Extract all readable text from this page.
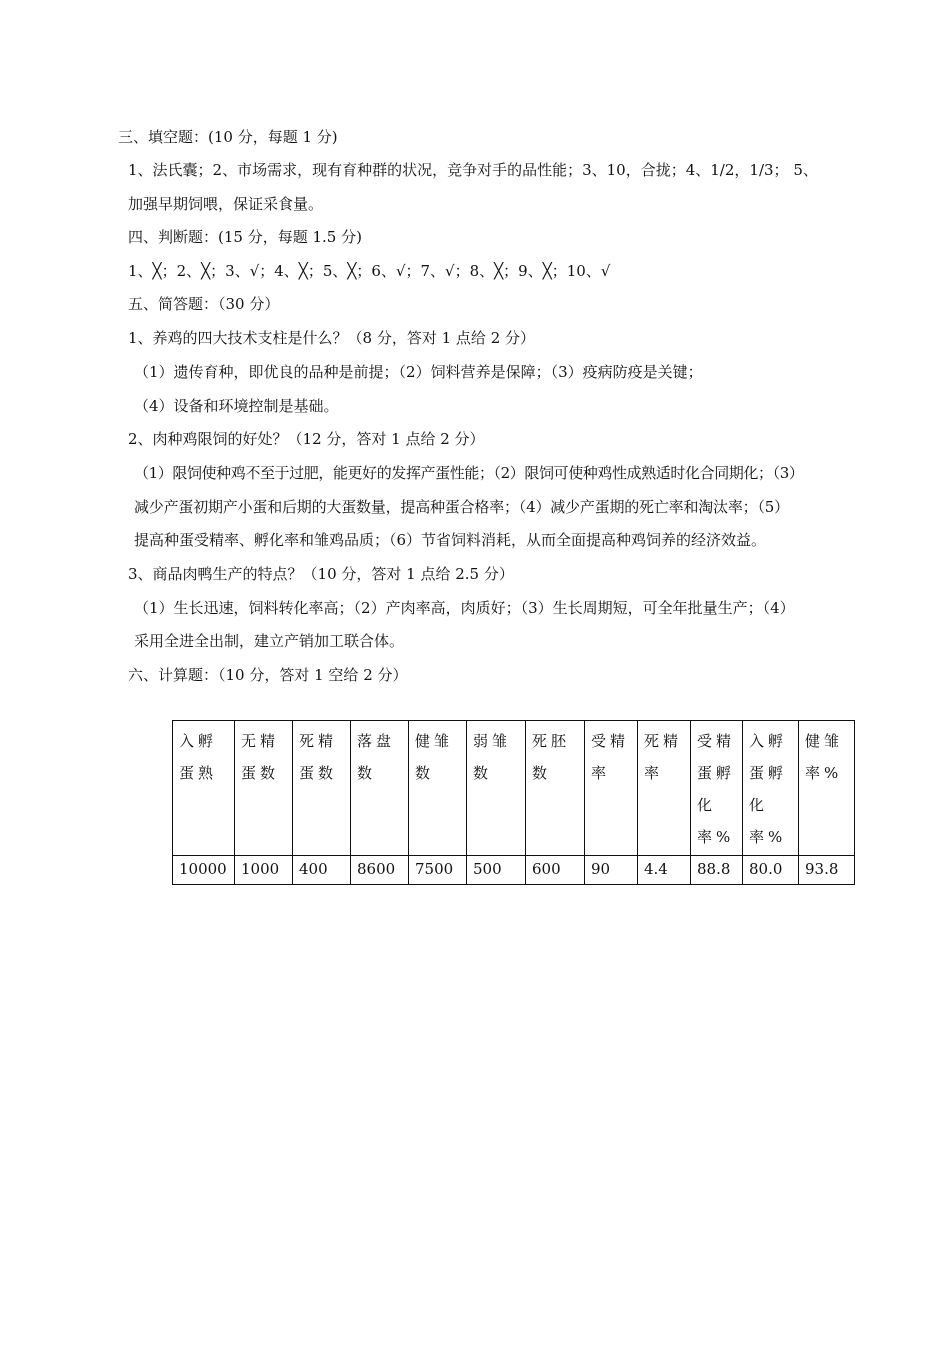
三、填空题：(10 分，每题 1 分)
1、法氏囊；2、市场需求，现有育种群的状况，竞争对手的品性能；3、10，合拢；4、1/2，1/3； 5、
加强早期饲喂，保证采食量。
四、判断题：(15 分，每题 1.5 分)
1、╳；2、╳；3、√；4、╳；5、╳；6、√；7、√；8、╳；9、╳；10、√
五、简答题：（30 分）
1、养鸡的四大技术支柱是什么？（8 分，答对 1 点给 2 分）
（1）遗传育种，即优良的品种是前提；（2）饲料营养是保障；（3）疫病防疫是关键；
（4）设备和环境控制是基础。
2、肉种鸡限饲的好处？（12 分，答对 1 点给 2 分）
（1）限饲使种鸡不至于过肥，能更好的发挥产蛋性能；（2）限饲可使种鸡性成熟适时化合同期化；（3）
减少产蛋初期产小蛋和后期的大蛋数量，提高种蛋合格率；（4）减少产蛋期的死亡率和淘汰率；（5）
提高种蛋受精率、孵化率和雏鸡品质；（6）节省饲料消耗，从而全面提高种鸡饲养的经济效益。
3、商品肉鸭生产的特点？（10 分，答对 1 点给 2.5 分）
（1）生长迅速，饲料转化率高；（2）产肉率高，肉质好；（3）生长周期短，可全年批量生产；（4）
采用全进全出制，建立产销加工联合体。
六、计算题：（10 分，答对 1 空给 2 分）
入孵蛋熟	无精蛋数	死精蛋数	落盘数	健雏数	弱雏数	死胚数	受精率	死精率	受精蛋孵化率%	入孵蛋孵化率%	健雏率%
10000	1000	400	8600	7500	500	600	90	4.4	88.8	80.0	93.8
